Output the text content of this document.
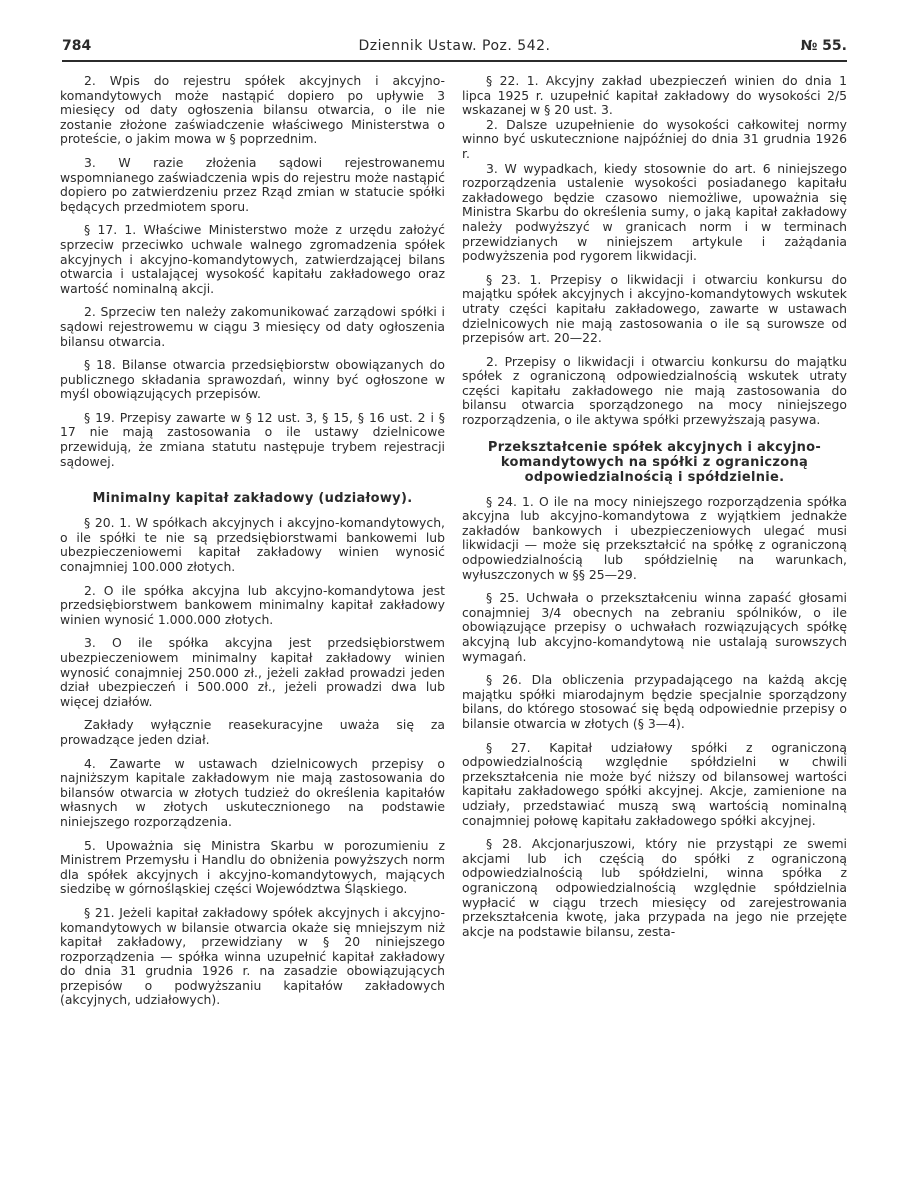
784	Dziennik Ustaw. Poz. 542.	№ 55.

2. Wpis do rejestru spółek akcyjnych i akcyjno-komandytowych może nastąpić dopiero po upływie 3 miesięcy od daty ogłoszenia bilansu otwarcia, o ile nie zostanie złożone zaświadczenie właściwego Ministerstwa o proteście, o jakim mowa w § poprzednim.

3. W razie złożenia sądowi rejestrowanemu wspomnianego zaświadczenia wpis do rejestru może nastąpić dopiero po zatwierdzeniu przez Rząd zmian w statucie spółki będących przedmiotem sporu.

§ 17. 1. Właściwe Ministerstwo może z urzędu założyć sprzeciw przeciwko uchwale walnego zgromadzenia spółek akcyjnych i akcyjno-komandytowych, zatwierdzającej bilans otwarcia i ustalającej wysokość kapitału zakładowego oraz wartość nominalną akcji.

2. Sprzeciw ten należy zakomunikować zarządowi spółki i sądowi rejestrowemu w ciągu 3 miesięcy od daty ogłoszenia bilansu otwarcia.

§ 18. Bilanse otwarcia przedsiębiorstw obowiązanych do publicznego składania sprawozdań, winny być ogłoszone w myśl obowiązujących przepisów.

§ 19. Przepisy zawarte w § 12 ust. 3, § 15, § 16 ust. 2 i § 17 nie mają zastosowania o ile ustawy dzielnicowe przewidują, że zmiana statutu następuje trybem rejestracji sądowej.

Minimalny kapitał zakładowy (udziałowy).

§ 20. 1. W spółkach akcyjnych i akcyjno-komandytowych, o ile spółki te nie są przedsiębiorstwami bankowemi lub ubezpieczeniowemi kapitał zakładowy winien wynosić conajmniej 100.000 złotych.

2. O ile spółka akcyjna lub akcyjno-komandytowa jest przedsiębiorstwem bankowem minimalny kapitał zakładowy winien wynosić 1.000.000 złotych.

3. O ile spółka akcyjna jest przedsiębiorstwem ubezpieczeniowem minimalny kapitał zakładowy winien wynosić conajmniej 250.000 zł., jeżeli zakład prowadzi jeden dział ubezpieczeń i 500.000 zł., jeżeli prowadzi dwa lub więcej działów.

Zakłady wyłącznie reasekuracyjne uważa się za prowadzące jeden dział.

4. Zawarte w ustawach dzielnicowych przepisy o najniższym kapitale zakładowym nie mają zastosowania do bilansów otwarcia w złotych tudzież do określenia kapitałów własnych w złotych uskutecznionego na podstawie niniejszego rozporządzenia.

5. Upoważnia się Ministra Skarbu w porozumieniu z Ministrem Przemysłu i Handlu do obniżenia powyższych norm dla spółek akcyjnych i akcyjno-komandytowych, mających siedzibę w górnośląskiej części Województwa Śląskiego.

§ 21. Jeżeli kapitał zakładowy spółek akcyjnych i akcyjno-komandytowych w bilansie otwarcia okaże się mniejszym niż kapitał zakładowy, przewidziany w § 20 niniejszego rozporządzenia — spółka winna uzupełnić kapitał zakładowy do dnia 31 grudnia 1926 r. na zasadzie obowiązujących przepisów o podwyższaniu kapitałów zakładowych (akcyjnych, udziałowych).

§ 22. 1. Akcyjny zakład ubezpieczeń winien do dnia 1 lipca 1925 r. uzupełnić kapitał zakładowy do wysokości 2/5 wskazanej w § 20 ust. 3.

2. Dalsze uzupełnienie do wysokości całkowitej normy winno być uskutecznione najpóźniej do dnia 31 grudnia 1926 r.

3. W wypadkach, kiedy stosownie do art. 6 niniejszego rozporządzenia ustalenie wysokości posiadanego kapitału zakładowego będzie czasowo niemożliwe, upoważnia się Ministra Skarbu do określenia sumy, o jaką kapitał zakładowy należy podwyższyć w granicach norm i w terminach przewidzianych w niniejszem artykule i zażądania podwyższenia pod rygorem likwidacji.

§ 23. 1. Przepisy o likwidacji i otwarciu konkursu do majątku spółek akcyjnych i akcyjno-komandytowych wskutek utraty części kapitału zakładowego, zawarte w ustawach dzielnicowych nie mają zastosowania o ile są surowsze od przepisów art. 20—22.

2. Przepisy o likwidacji i otwarciu konkursu do majątku spółek z ograniczoną odpowiedzialnością wskutek utraty części kapitału zakładowego nie mają zastosowania do bilansu otwarcia sporządzonego na mocy niniejszego rozporządzenia, o ile aktywa spółki przewyższają pasywa.

Przekształcenie spółek akcyjnych i akcyjno-komandytowych na spółki z ograniczoną odpowiedzialnością i spółdzielnie.

§ 24. 1. O ile na mocy niniejszego rozporządzenia spółka akcyjna lub akcyjno-komandytowa z wyjątkiem jednakże zakładów bankowych i ubezpieczeniowych ulegać musi likwidacji — może się przekształcić na spółkę z ograniczoną odpowiedzialnością lub spółdzielnię na warunkach, wyłuszczonych w §§ 25—29.

§ 25. Uchwała o przekształceniu winna zapaść głosami conajmniej 3/4 obecnych na zebraniu spólników, o ile obowiązujące przepisy o uchwałach rozwiązujących spółkę akcyjną lub akcyjno-komandytową nie ustalają surowszych wymagań.

§ 26. Dla obliczenia przypadającego na każdą akcję majątku spółki miarodajnym będzie specjalnie sporządzony bilans, do którego stosować się będą odpowiednie przepisy o bilansie otwarcia w złotych (§ 3—4).

§ 27. Kapitał udziałowy spółki z ograniczoną odpowiedzialnością względnie spółdzielni w chwili przekształcenia nie może być niższy od bilansowej wartości kapitału zakładowego spółki akcyjnej. Akcje, zamienione na udziały, przedstawiać muszą swą wartością nominalną conajmniej połowę kapitału zakładowego spółki akcyjnej.

§ 28. Akcjonarjuszowi, który nie przystąpi ze swemi akcjami lub ich częścią do spółki z ograniczoną odpowiedzialnością lub spółdzielni, winna spółka z ograniczoną odpowiedzialnością względnie spółdzielnia wypłacić w ciągu trzech miesięcy od zarejestrowania przekształcenia kwotę, jaka przypada na jego nie przejęte akcje na podstawie bilansu, zesta-
